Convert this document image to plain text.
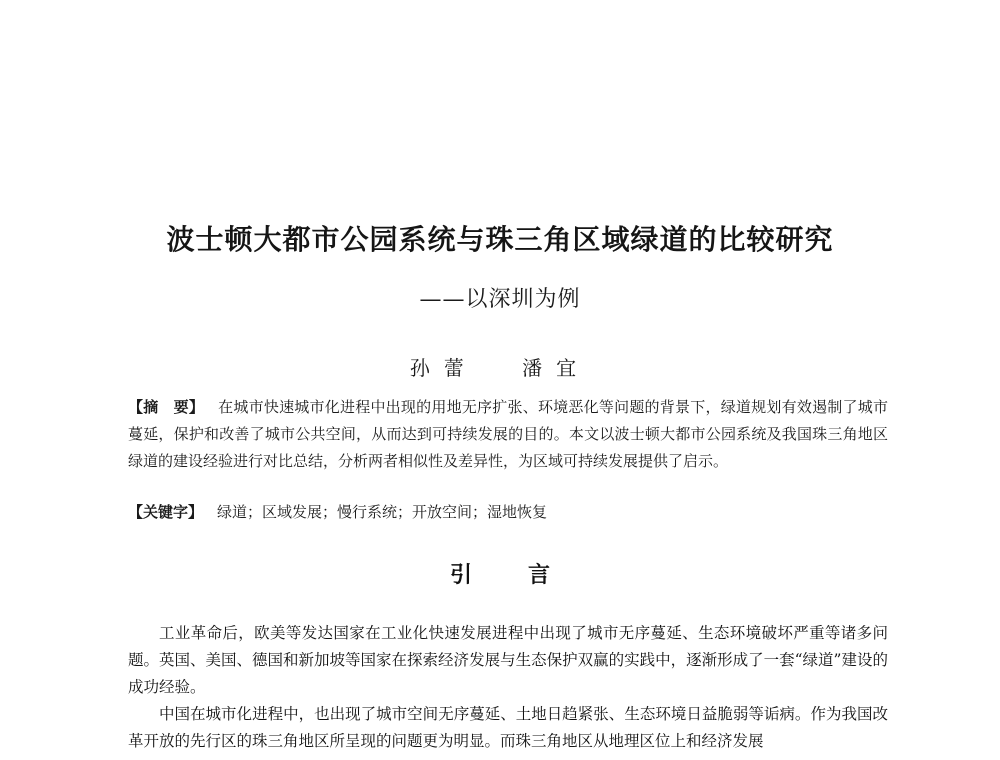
波士顿大都市公园系统与珠三角区域绿道的比较研究
——以深圳为例
孙蕾 潘宜
【摘　要】 在城市快速城市化进程中出现的用地无序扩张、环境恶化等问题的背景下，绿道规划有效遏制了城市蔓延，保护和改善了城市公共空间，从而达到可持续发展的目的。本文以波士顿大都市公园系统及我国珠三角地区绿道的建设经验进行对比总结，分析两者相似性及差异性，为区域可持续发展提供了启示。
【关键字】 绿道；区域发展；慢行系统；开放空间；湿地恢复
引	言

工业革命后，欧美等发达国家在工业化快速发展进程中出现了城市无序蔓延、生态环境破坏严重等诸多问题。英国、美国、德国和新加坡等国家在探索经济发展与生态保护双赢的实践中，逐渐形成了一套“绿道”建设的成功经验。

中国在城市化进程中，也出现了城市空间无序蔓延、土地日趋紧张、生态环境日益脆弱等诟病。作为我国改革开放的先行区的珠三角地区所呈现的问题更为明显。而珠三角地区从地理区位上和经济发展
